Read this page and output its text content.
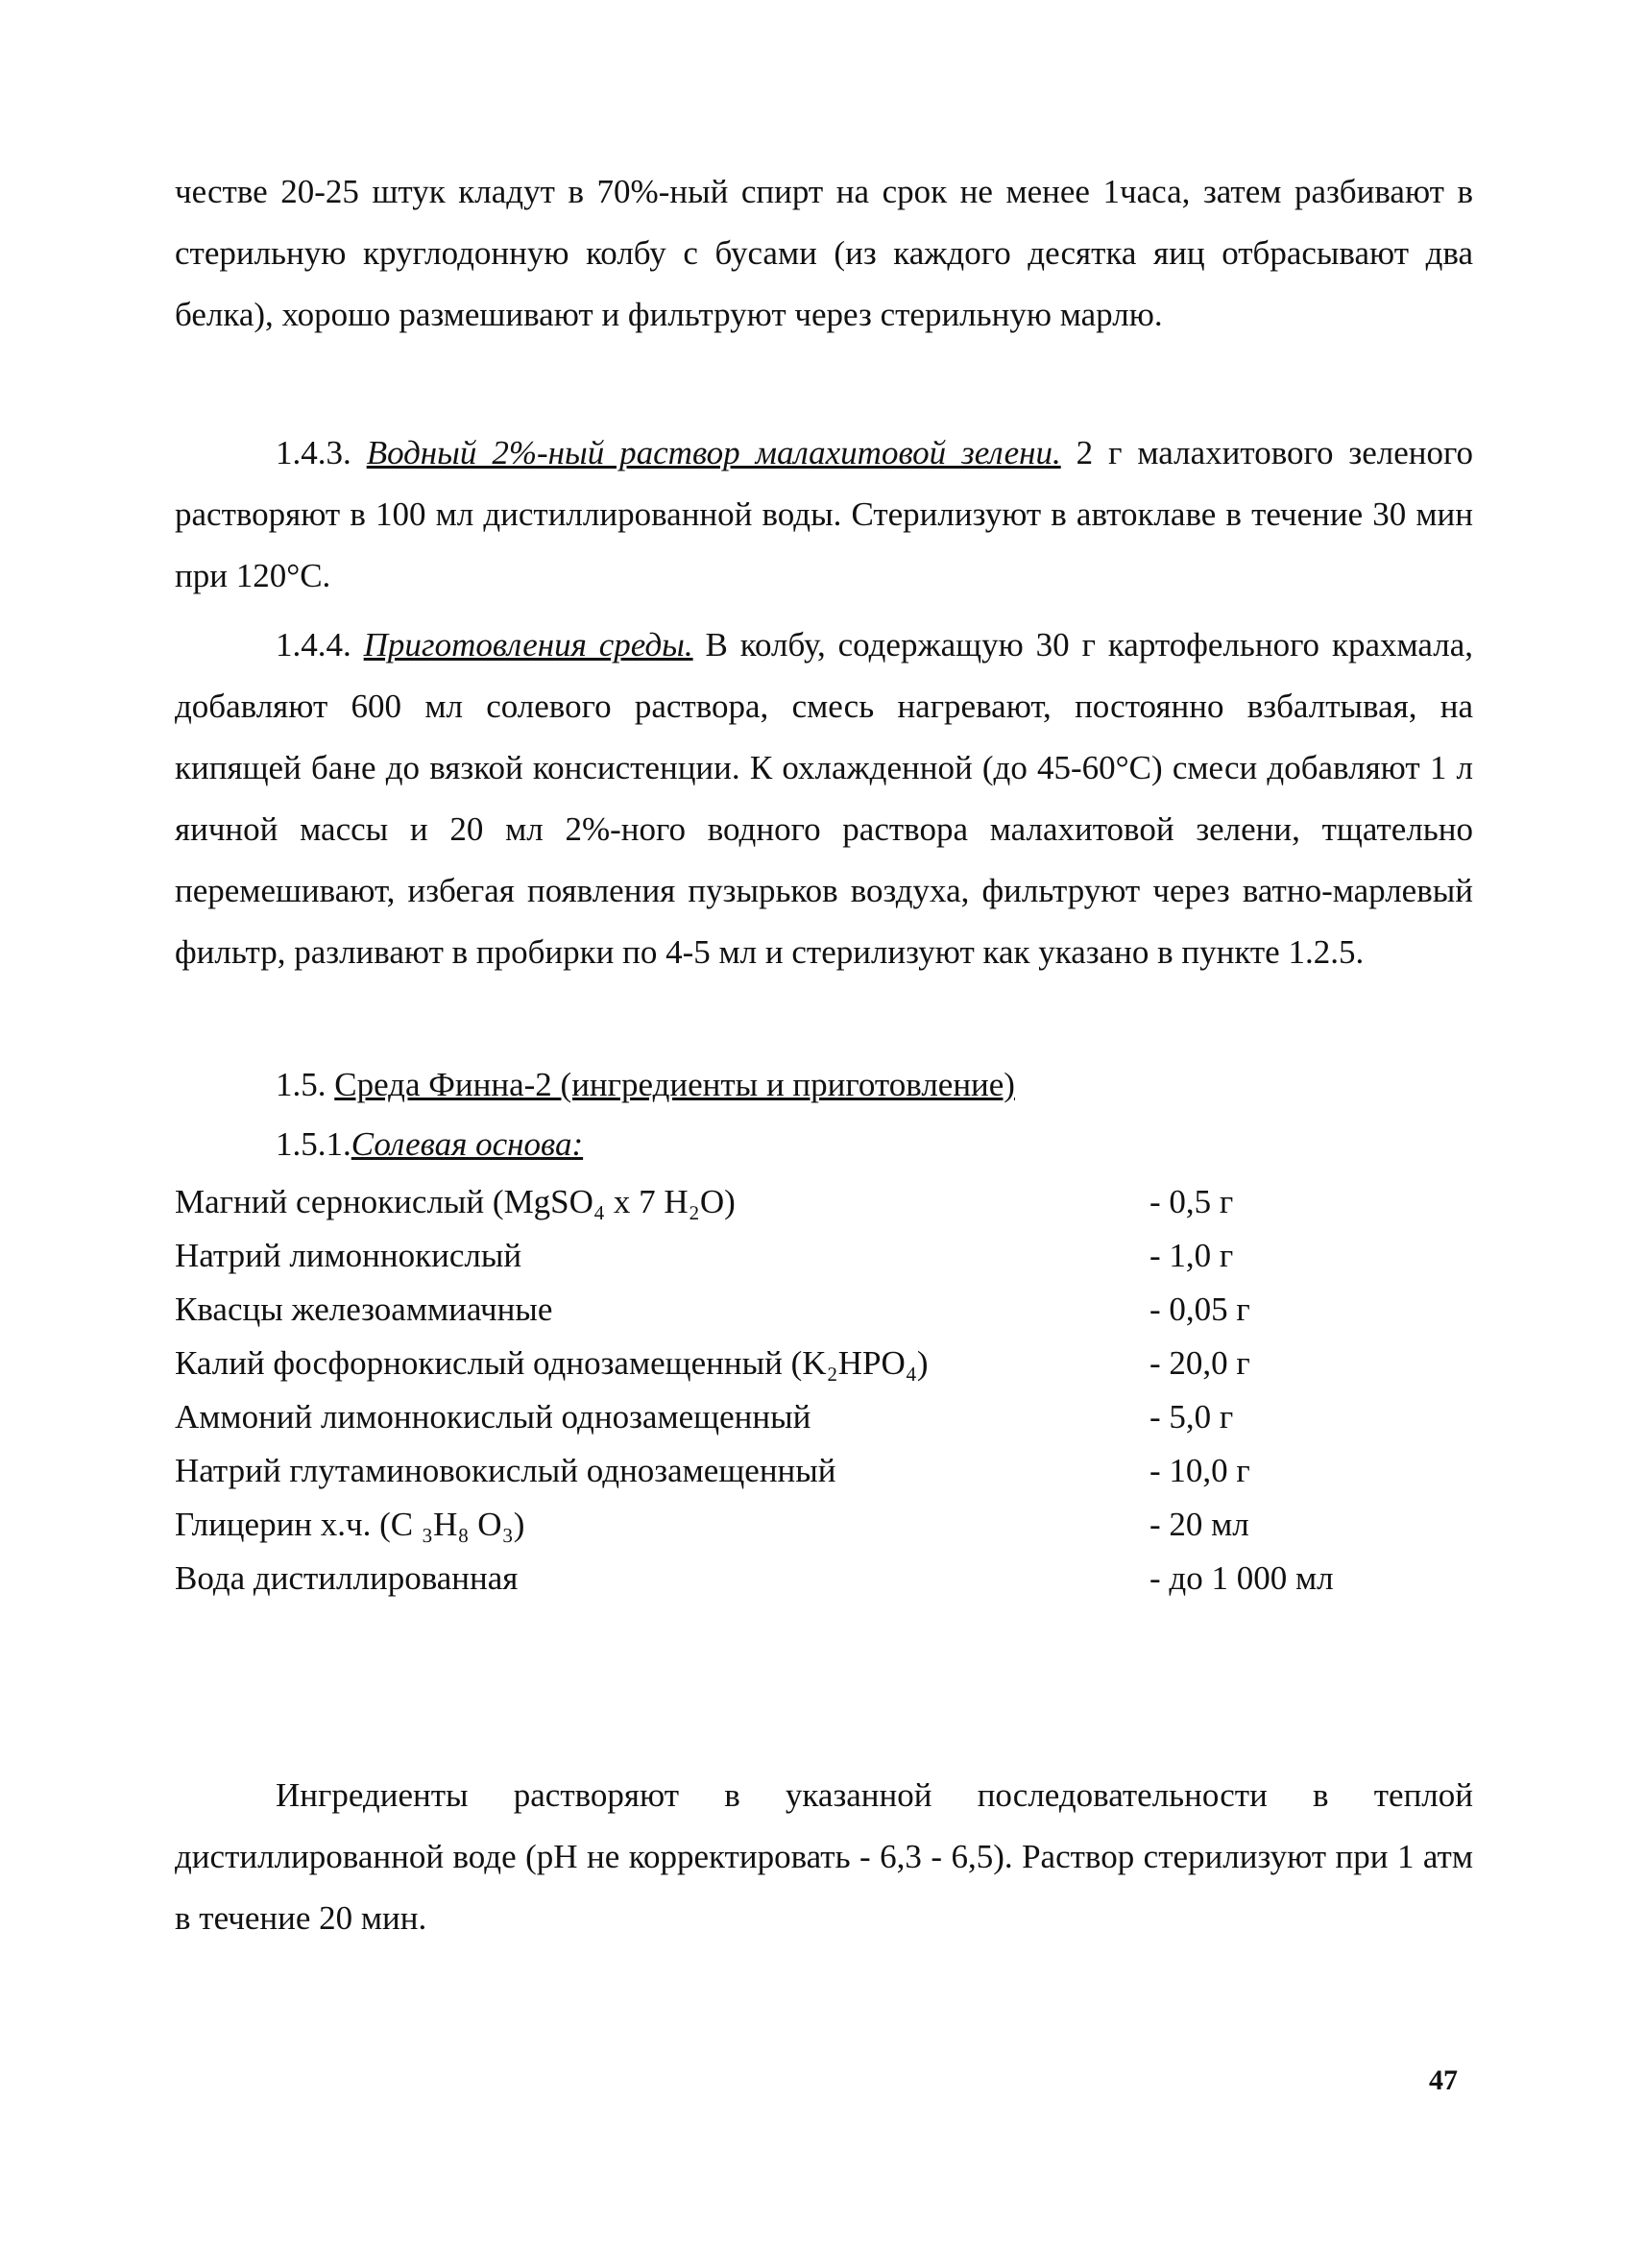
честве 20-25 штук кладут в 70%-ный спирт на срок не менее 1часа, затем разбивают в стерильную круглодонную колбу с бусами (из каждого десятка яиц отбрасывают два белка), хорошо размешивают и фильтруют через стерильную марлю.

1.4.3. Водный 2%-ный раствор малахитовой зелени. 2 г малахитового зеленого растворяют в 100 мл дистиллированной воды. Стерилизуют в автоклаве в течение 30 мин при 120°С.

1.4.4. Приготовления среды. В колбу, содержащую 30 г картофельного крахмала, добавляют 600 мл солевого раствора, смесь нагревают, постоянно взбалтывая, на кипящей бане до вязкой консистенции. К охлажденной (до 45-60°С) смеси добавляют 1 л яичной массы и 20 мл 2%-ного водного раствора малахитовой зелени, тщательно перемешивают, избегая появления пузырьков воздуха, фильтруют через ватно-марлевый фильтр, разливают в пробирки по 4-5 мл и стерилизуют как указано в пункте 1.2.5.

1.5. Среда Финна-2 (ингредиенты и приготовление)

1.5.1.Солевая основа:

Магний сернокислый (MgSO₄ x 7 H₂O)	- 0,5 г
Натрий лимоннокислый	- 1,0 г
Квасцы железоаммиачные	- 0,05 г
Калий фосфорнокислый однозамещенный (K₂HPO₄)	- 20,0 г
Аммоний лимоннокислый однозамещенный	- 5,0 г
Натрий глутаминовокислый однозамещенный	- 10,0 г
Глицерин х.ч. (С ₃H₈ O₃)	- 20 мл
Вода дистиллированная	- до 1 000 мл

Ингредиенты растворяют в указанной последовательности в теплой дистиллированной воде (рН не корректировать - 6,3 - 6,5). Раствор стерилизуют при 1 атм в течение 20 мин.

47
